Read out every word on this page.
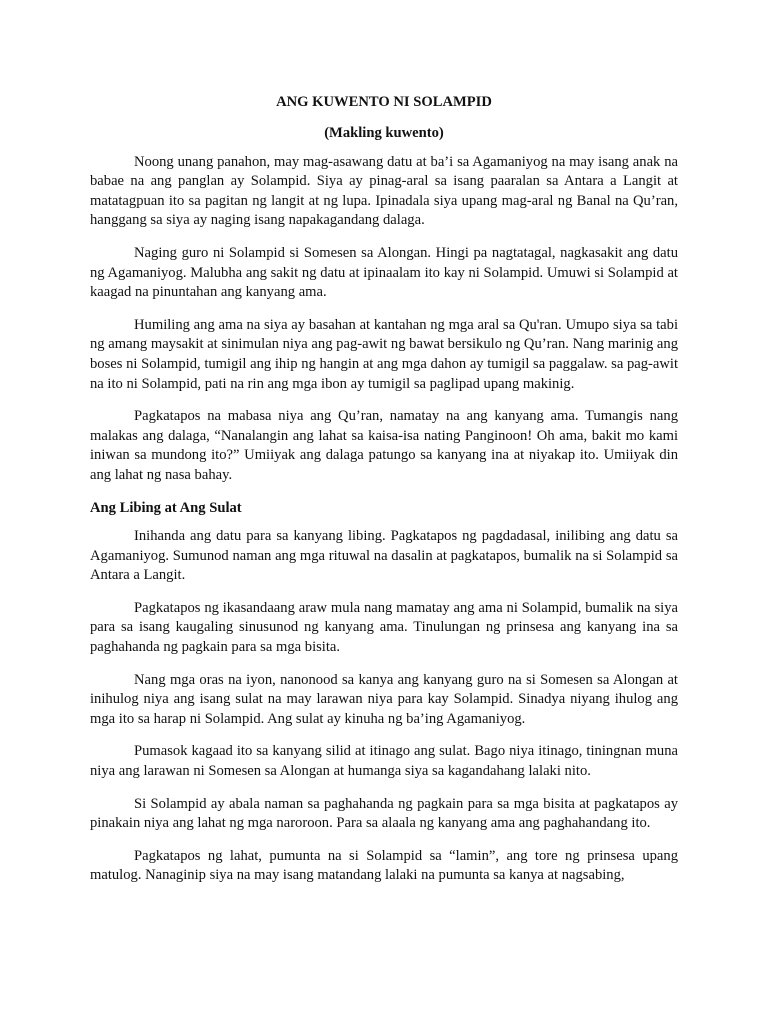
ANG KUWENTO NI SOLAMPID

(Makling kuwento)

Noong unang panahon, may mag-asawang datu at ba’i sa Agamaniyog na may isang anak na babae na ang panglan ay Solampid. Siya ay pinag-aral sa isang paaralan sa Antara a Langit at matatagpuan ito sa pagitan ng langit at ng lupa. Ipinadala siya upang mag-aral ng Banal na Qu’ran, hanggang sa siya ay naging isang napakagandang dalaga.

Naging guro ni Solampid si Somesen sa Alongan. Hingi pa nagtatagal, nagkasakit ang datu ng Agamaniyog. Malubha ang sakit ng datu at ipinaalam ito kay ni Solampid. Umuwi si Solampid at kaagad na pinuntahan ang kanyang ama.

Humiling ang ama na siya ay basahan at kantahan ng mga aral sa Qu'ran. Umupo siya sa tabi ng amang maysakit at sinimulan niya ang pag-awit ng bawat bersikulo ng Qu’ran. Nang marinig ang boses ni Solampid, tumigil ang ihip ng hangin at ang mga dahon ay tumigil sa paggalaw. sa pag-awit na ito ni Solampid, pati na rin ang mga ibon ay tumigil sa paglipad upang makinig.

Pagkatapos na mabasa niya ang Qu’ran, namatay na ang kanyang ama. Tumangis nang malakas ang dalaga, “Nanalangin ang lahat sa kaisa-isa nating Panginoon! Oh ama, bakit mo kami iniwan sa mundong ito?” Umiiyak ang dalaga patungo sa kanyang ina at niyakap ito. Umiiyak din ang lahat ng nasa bahay.

Ang Libing at Ang Sulat

Inihanda ang datu para sa kanyang libing. Pagkatapos ng pagdadasal, inilibing ang datu sa Agamaniyog. Sumunod naman ang mga rituwal na dasalin at pagkatapos, bumalik na si Solampid sa Antara a Langit.

Pagkatapos ng ikasandaang araw mula nang mamatay ang ama ni Solampid, bumalik na siya para sa isang kaugaling sinusunod ng kanyang ama. Tinulungan ng prinsesa ang kanyang ina sa paghahanda ng pagkain para sa mga bisita.

Nang mga oras na iyon, nanonood sa kanya ang kanyang guro na si Somesen sa Alongan at inihulog niya ang isang sulat na may larawan niya para kay Solampid. Sinadya niyang ihulog ang mga ito sa harap ni Solampid. Ang sulat ay kinuha ng ba’ing Agamaniyog.

Pumasok kagaad ito sa kanyang silid at itinago ang sulat. Bago niya itinago, tiningnan muna niya ang larawan ni Somesen sa Alongan at humanga siya sa kagandahang lalaki nito.

Si Solampid ay abala naman sa paghahanda ng pagkain para sa mga bisita at pagkatapos ay pinakain niya ang lahat ng mga naroroon. Para sa alaala ng kanyang ama ang paghahandang ito.

Pagkatapos ng lahat, pumunta na si Solampid sa “lamin”, ang tore ng prinsesa upang matulog. Nanaginip siya na may isang matandang lalaki na pumunta sa kanya at nagsabing,
